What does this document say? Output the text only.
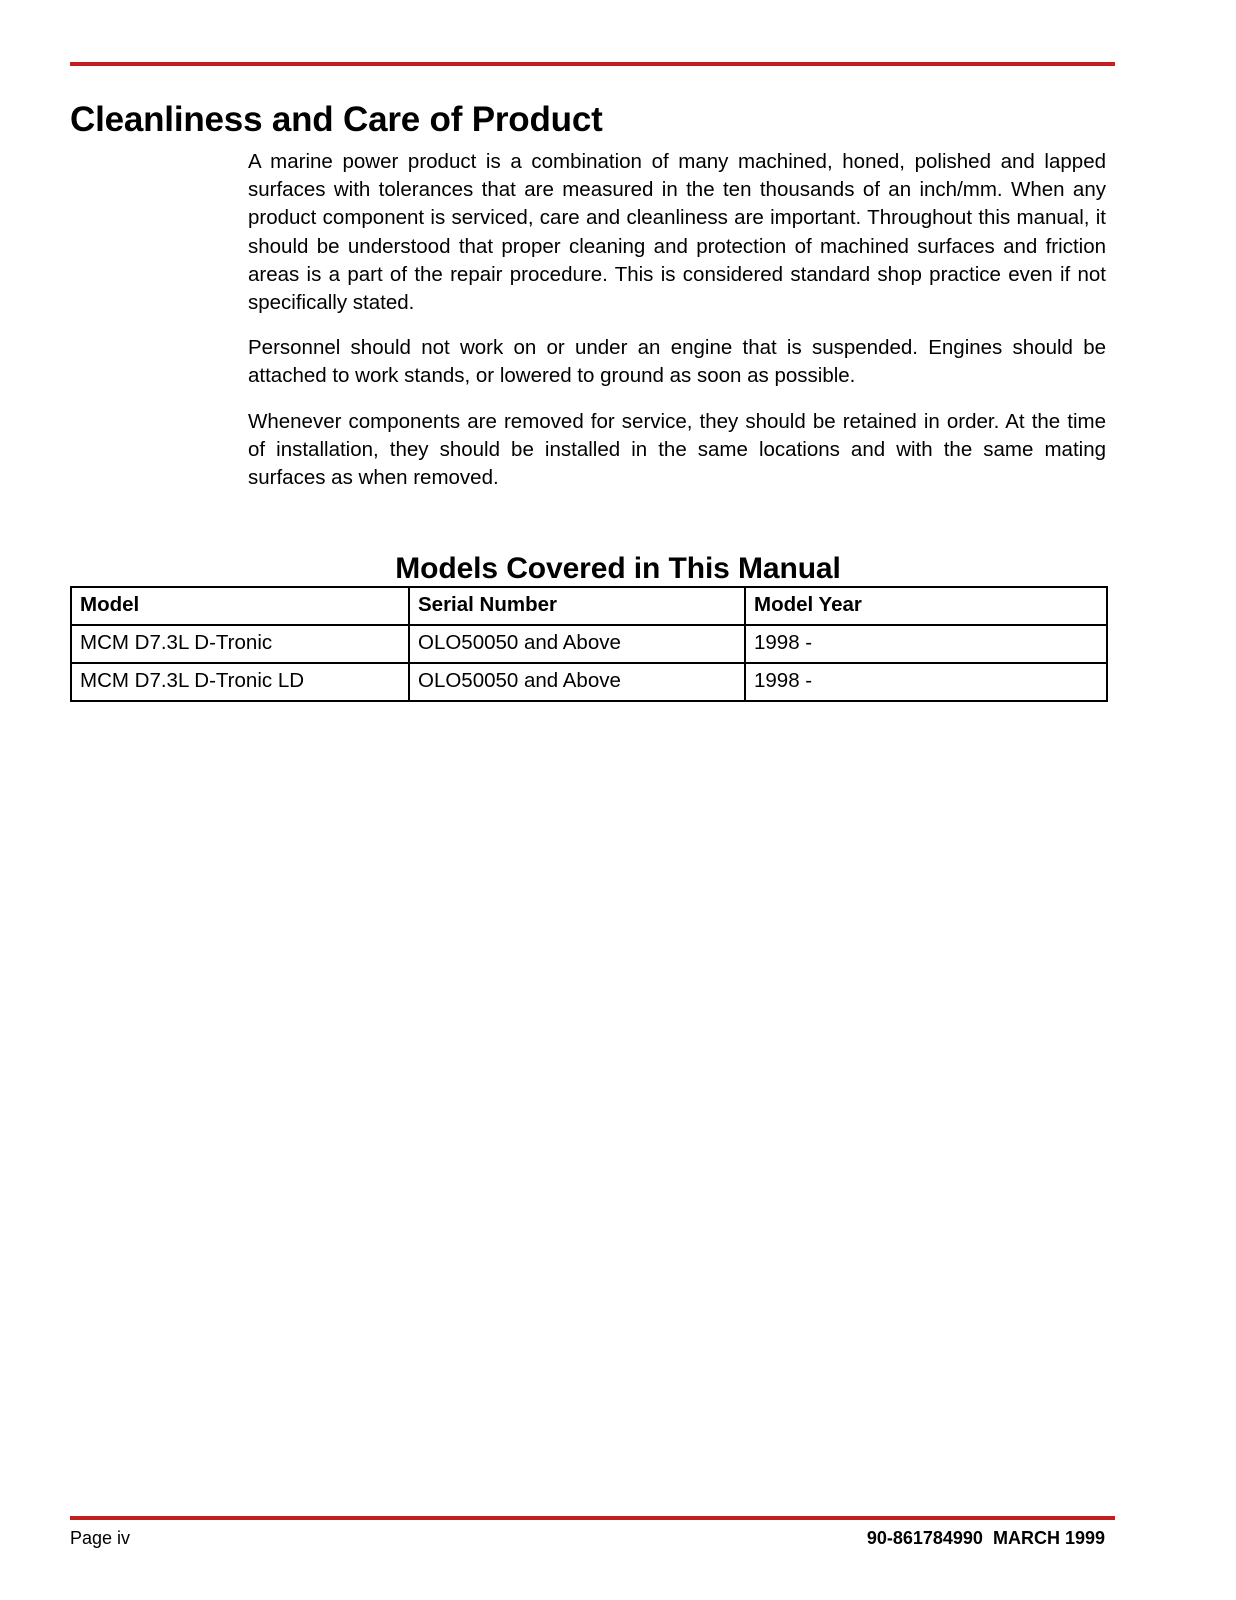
Cleanliness and Care of Product

A marine power product is a combination of many machined, honed, polished and lapped surfaces with tolerances that are measured in the ten thousands of an inch/mm. When any product component is serviced, care and cleanliness are important. Throughout this manual, it should be understood that proper cleaning and protection of machined surfaces and friction areas is a part of the repair procedure. This is considered standard shop practice even if not specifically stated.

Personnel should not work on or under an engine that is suspended. Engines should be attached to work stands, or lowered to ground as soon as possible.

Whenever components are removed for service, they should be retained in order. At the time of installation, they should be installed in the same locations and with the same mating surfaces as when removed.

Models Covered in This Manual
Model	Serial Number	Model Year
MCM D7.3L D-Tronic	OLO50050 and Above	1998 -
MCM D7.3L D-Tronic LD	OLO50050 and Above	1998 -
Page iv	90-861784990 MARCH 1999
